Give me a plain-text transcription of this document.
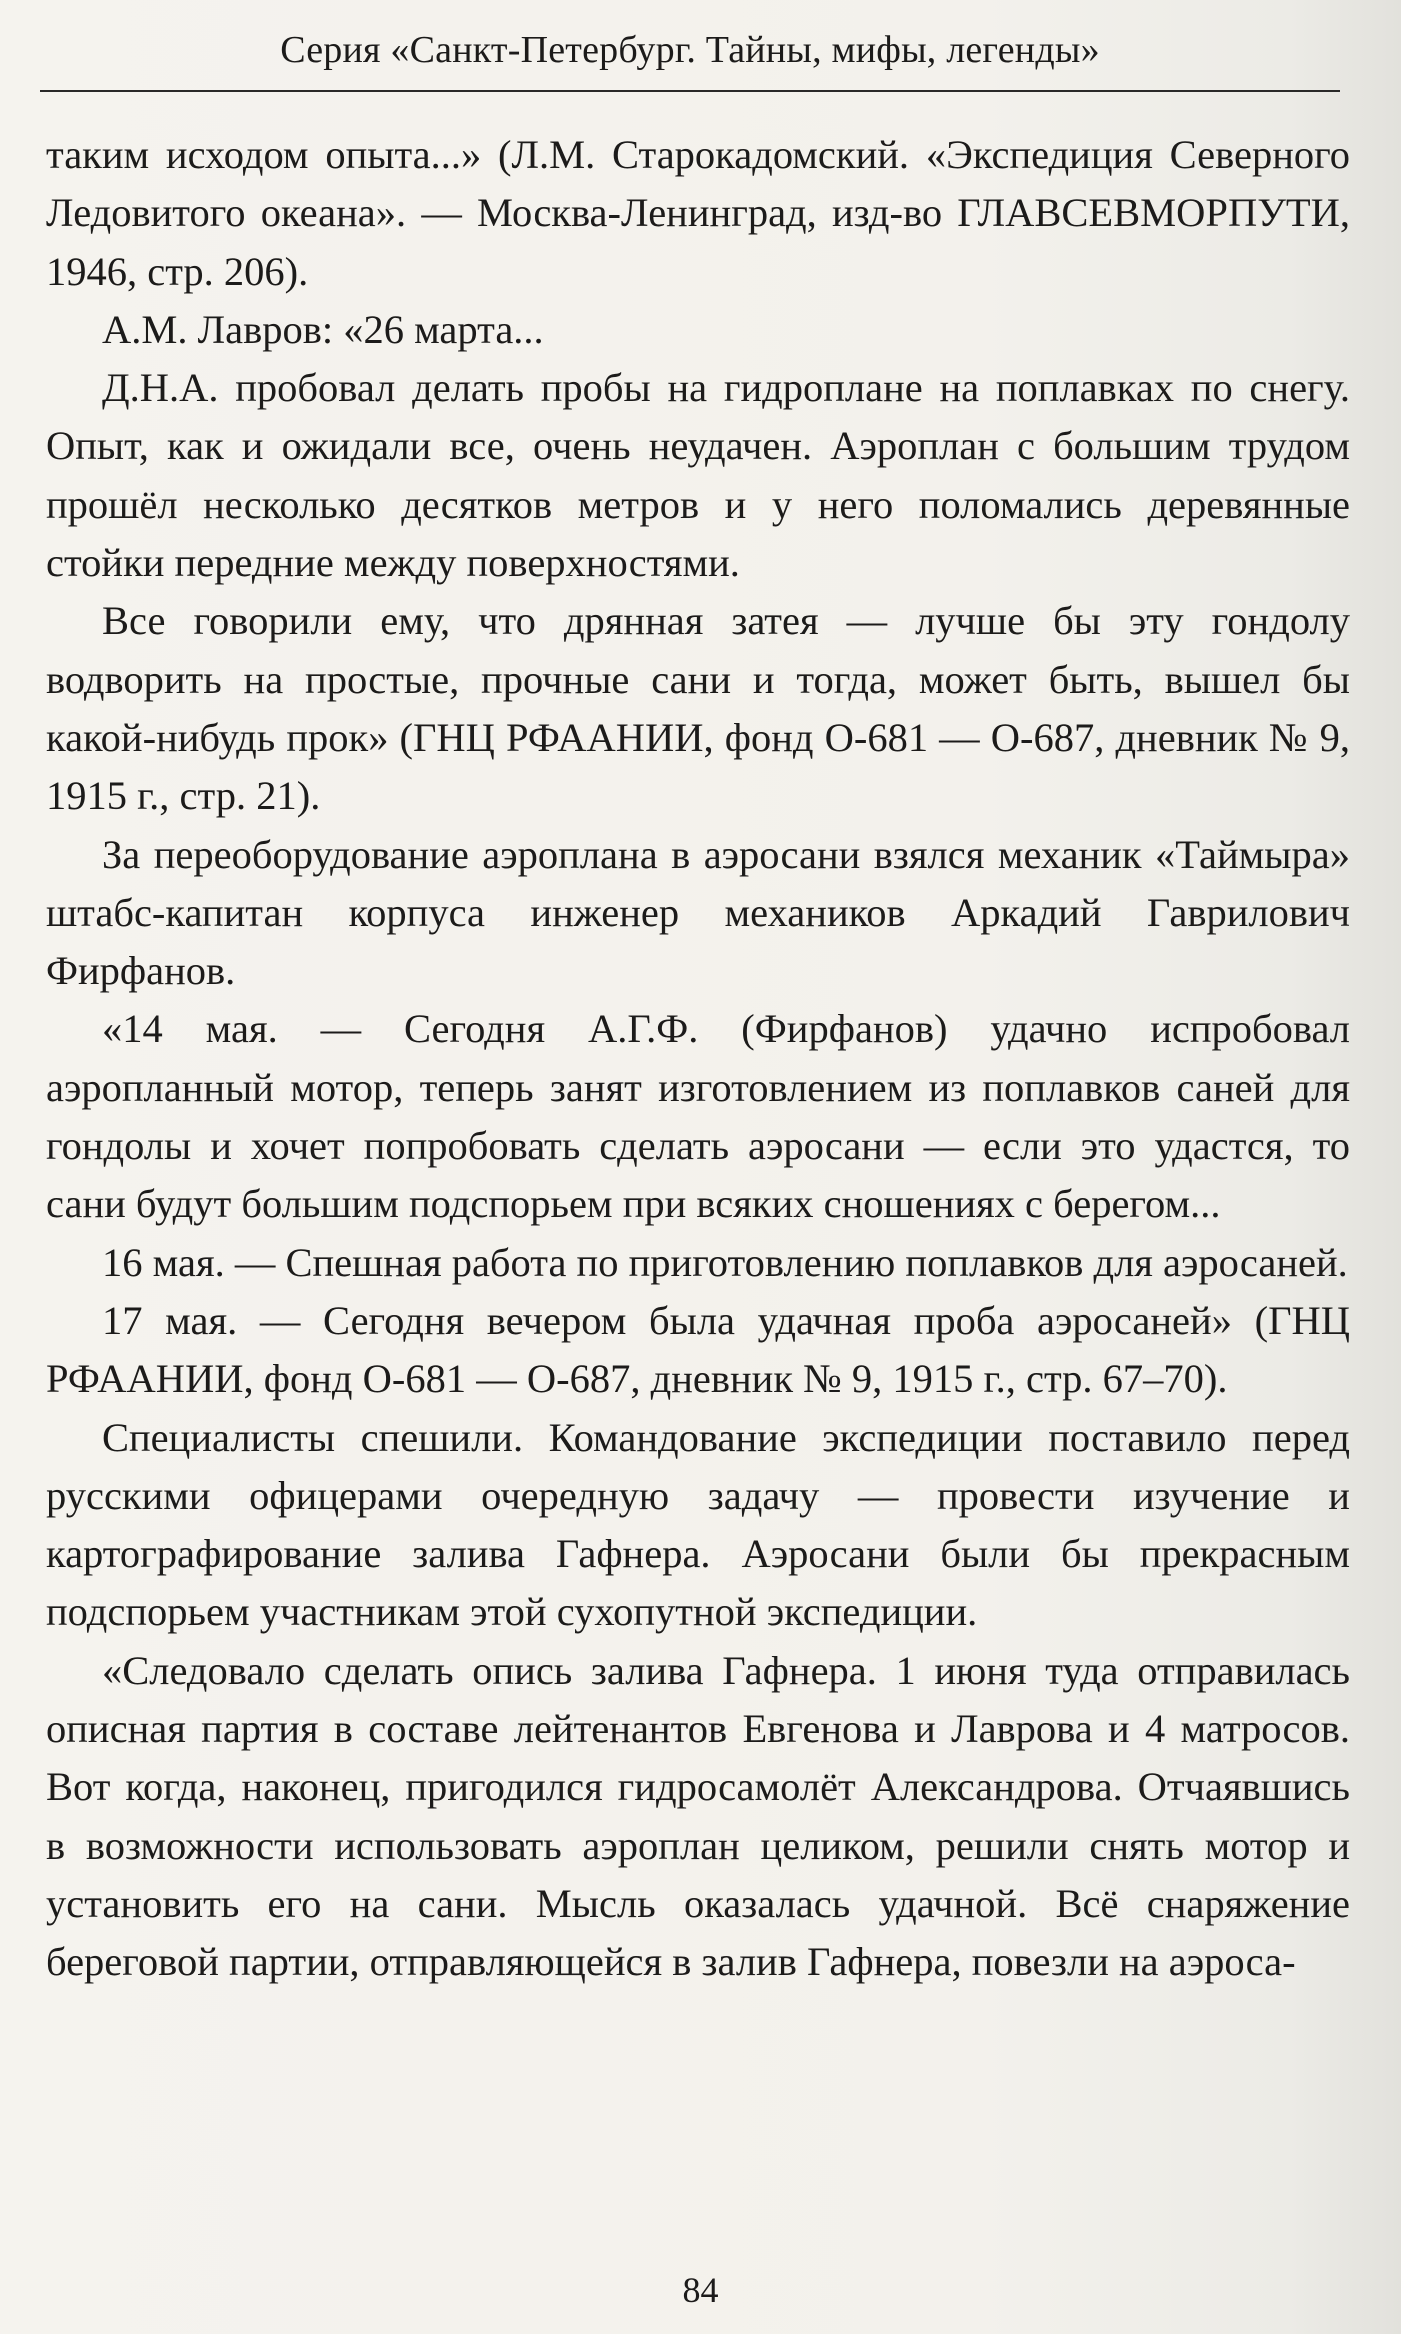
Серия «Санкт-Петербург. Тайны, мифы, легенды»

таким исходом опыта...» (Л.М. Старокадомский. «Экспедиция Северного Ледовитого океана». — Москва-Ленинград, изд-во ГЛАВСЕВМОРПУТИ, 1946, стр. 206).

А.М. Лавров: «26 марта...

Д.Н.А. пробовал делать пробы на гидроплане на поплавках по снегу. Опыт, как и ожидали все, очень неудачен. Аэроплан с большим трудом прошёл несколько десятков метров и у него поломались деревянные стойки передние между поверхностями.

Все говорили ему, что дрянная затея — лучше бы эту гондолу водворить на простые, прочные сани и тогда, может быть, вышел бы какой-нибудь прок» (ГНЦ РФААНИИ, фонд О-681 — О-687, дневник № 9, 1915 г., стр. 21).

За переоборудование аэроплана в аэросани взялся механик «Таймыра» штабс-капитан корпуса инженер механиков Аркадий Гаврилович Фирфанов.

«14 мая. — Сегодня А.Г.Ф. (Фирфанов) удачно испробовал аэропланный мотор, теперь занят изготовлением из поплавков саней для гондолы и хочет попробовать сделать аэросани — если это удастся, то сани будут большим подспорьем при всяких сношениях с берегом...

16 мая. — Спешная работа по приготовлению поплавков для аэросаней.

17 мая. — Сегодня вечером была удачная проба аэросаней» (ГНЦ РФААНИИ, фонд О-681 — О-687, дневник № 9, 1915 г., стр. 67–70).

Специалисты спешили. Командование экспедиции поставило перед русскими офицерами очередную задачу — провести изучение и картографирование залива Гафнера. Аэросани были бы прекрасным подспорьем участникам этой сухопутной экспедиции.

«Следовало сделать опись залива Гафнера. 1 июня туда отправилась описная партия в составе лейтенантов Евгенова и Лаврова и 4 матросов. Вот когда, наконец, пригодился гидросамолёт Александрова. Отчаявшись в возможности использовать аэроплан целиком, решили снять мотор и установить его на сани. Мысль оказалась удачной. Всё снаряжение береговой партии, отправляющейся в залив Гафнера, повезли на аэроса-

84
